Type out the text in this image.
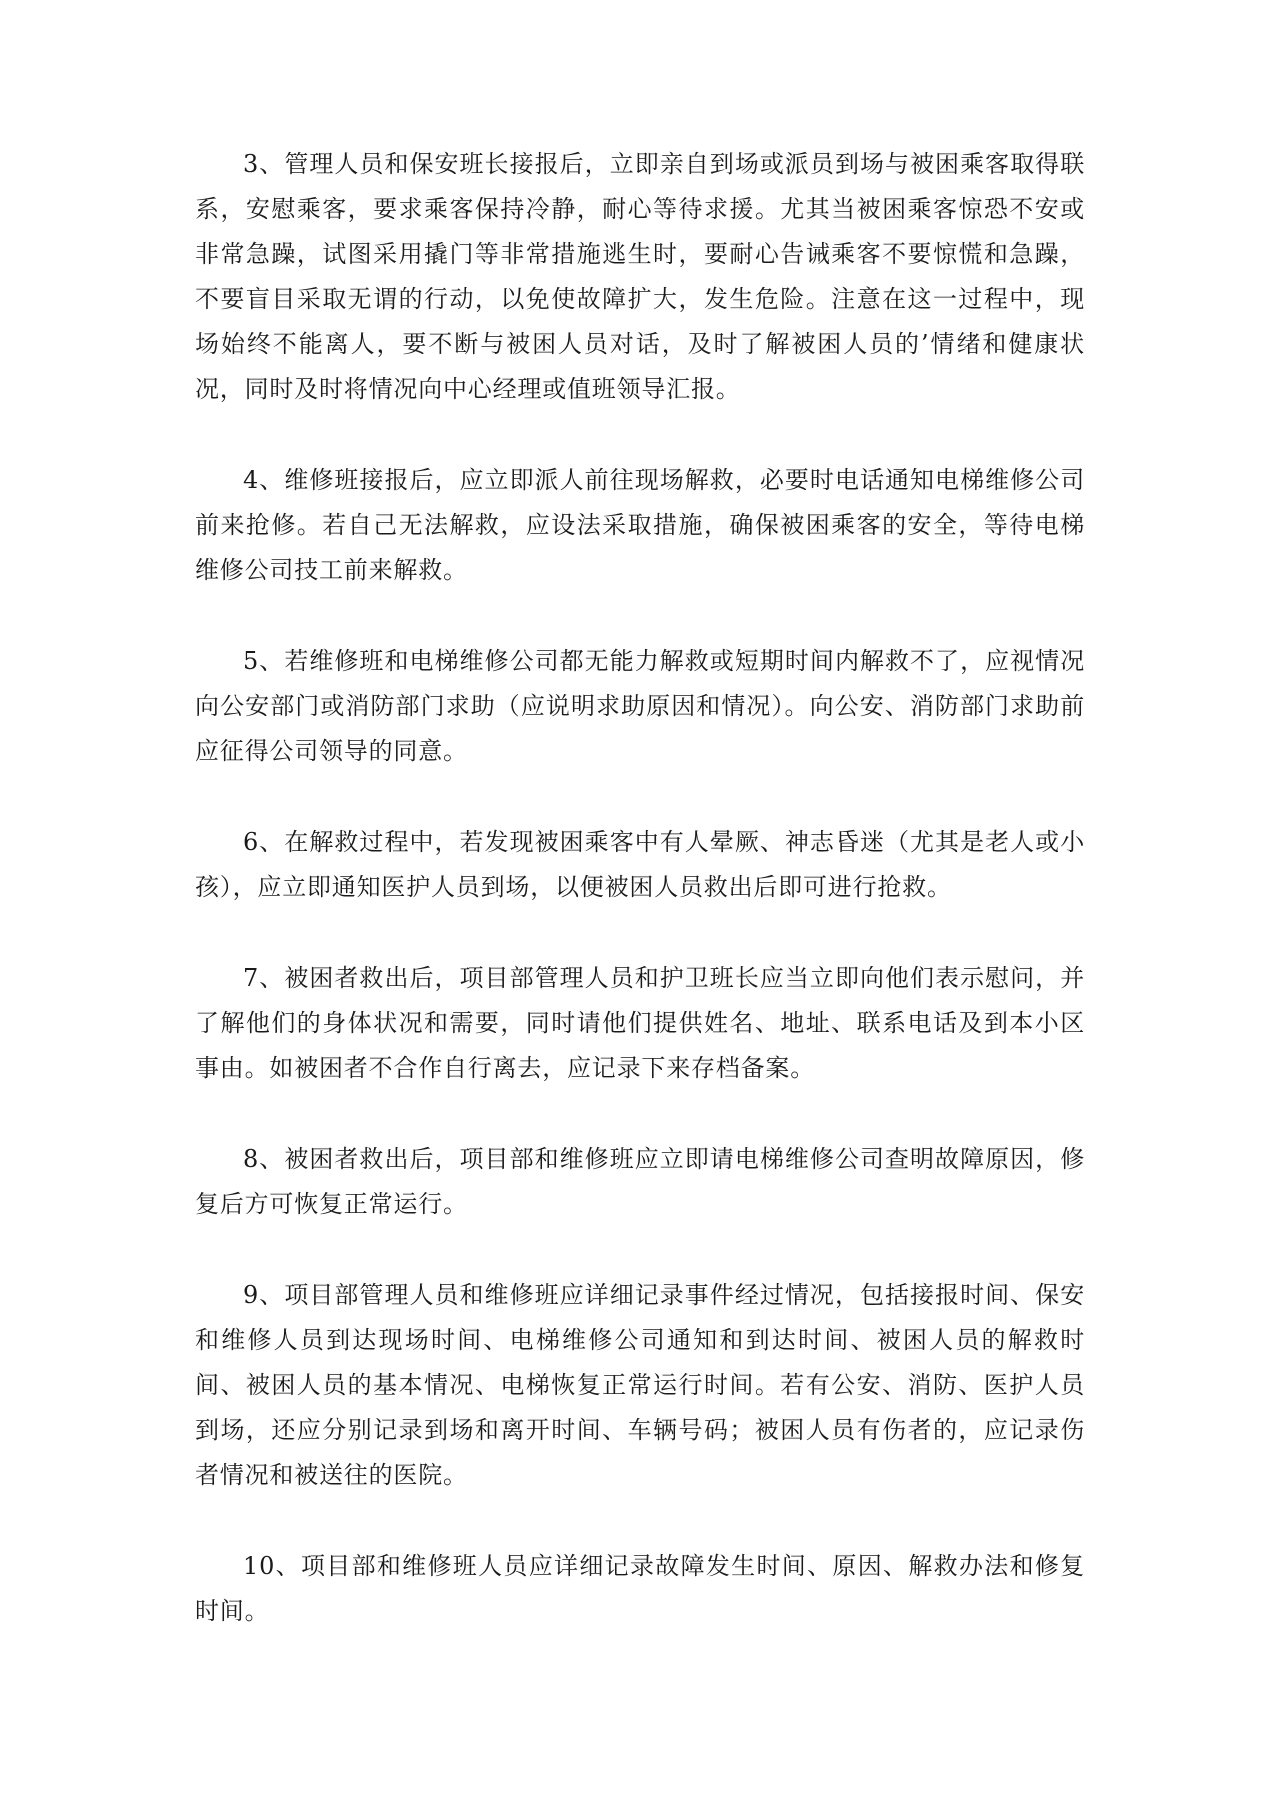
3、管理人员和保安班长接报后，立即亲自到场或派员到场与被困乘客取得联系，安慰乘客，要求乘客保持冷静，耐心等待求援。尤其当被困乘客惊恐不安或非常急躁，试图采用撬门等非常措施逃生时，要耐心告诫乘客不要惊慌和急躁，不要盲目采取无谓的行动，以免使故障扩大，发生危险。注意在这一过程中，现场始终不能离人，要不断与被困人员对话，及时了解被困人员的’情绪和健康状况，同时及时将情况向中心经理或值班领导汇报。

4、维修班接报后，应立即派人前往现场解救，必要时电话通知电梯维修公司前来抢修。若自己无法解救，应设法采取措施，确保被困乘客的安全，等待电梯维修公司技工前来解救。

5、若维修班和电梯维修公司都无能力解救或短期时间内解救不了，应视情况向公安部门或消防部门求助（应说明求助原因和情况）。向公安、消防部门求助前应征得公司领导的同意。

6、在解救过程中，若发现被困乘客中有人晕厥、神志昏迷（尤其是老人或小孩），应立即通知医护人员到场，以便被困人员救出后即可进行抢救。

7、被困者救出后，项目部管理人员和护卫班长应当立即向他们表示慰问，并了解他们的身体状况和需要，同时请他们提供姓名、地址、联系电话及到本小区事由。如被困者不合作自行离去，应记录下来存档备案。

8、被困者救出后，项目部和维修班应立即请电梯维修公司查明故障原因，修复后方可恢复正常运行。

9、项目部管理人员和维修班应详细记录事件经过情况，包括接报时间、保安和维修人员到达现场时间、电梯维修公司通知和到达时间、被困人员的解救时间、被困人员的基本情况、电梯恢复正常运行时间。若有公安、消防、医护人员到场，还应分别记录到场和离开时间、车辆号码；被困人员有伤者的，应记录伤者情况和被送往的医院。

10、项目部和维修班人员应详细记录故障发生时间、原因、解救办法和修复时间。
